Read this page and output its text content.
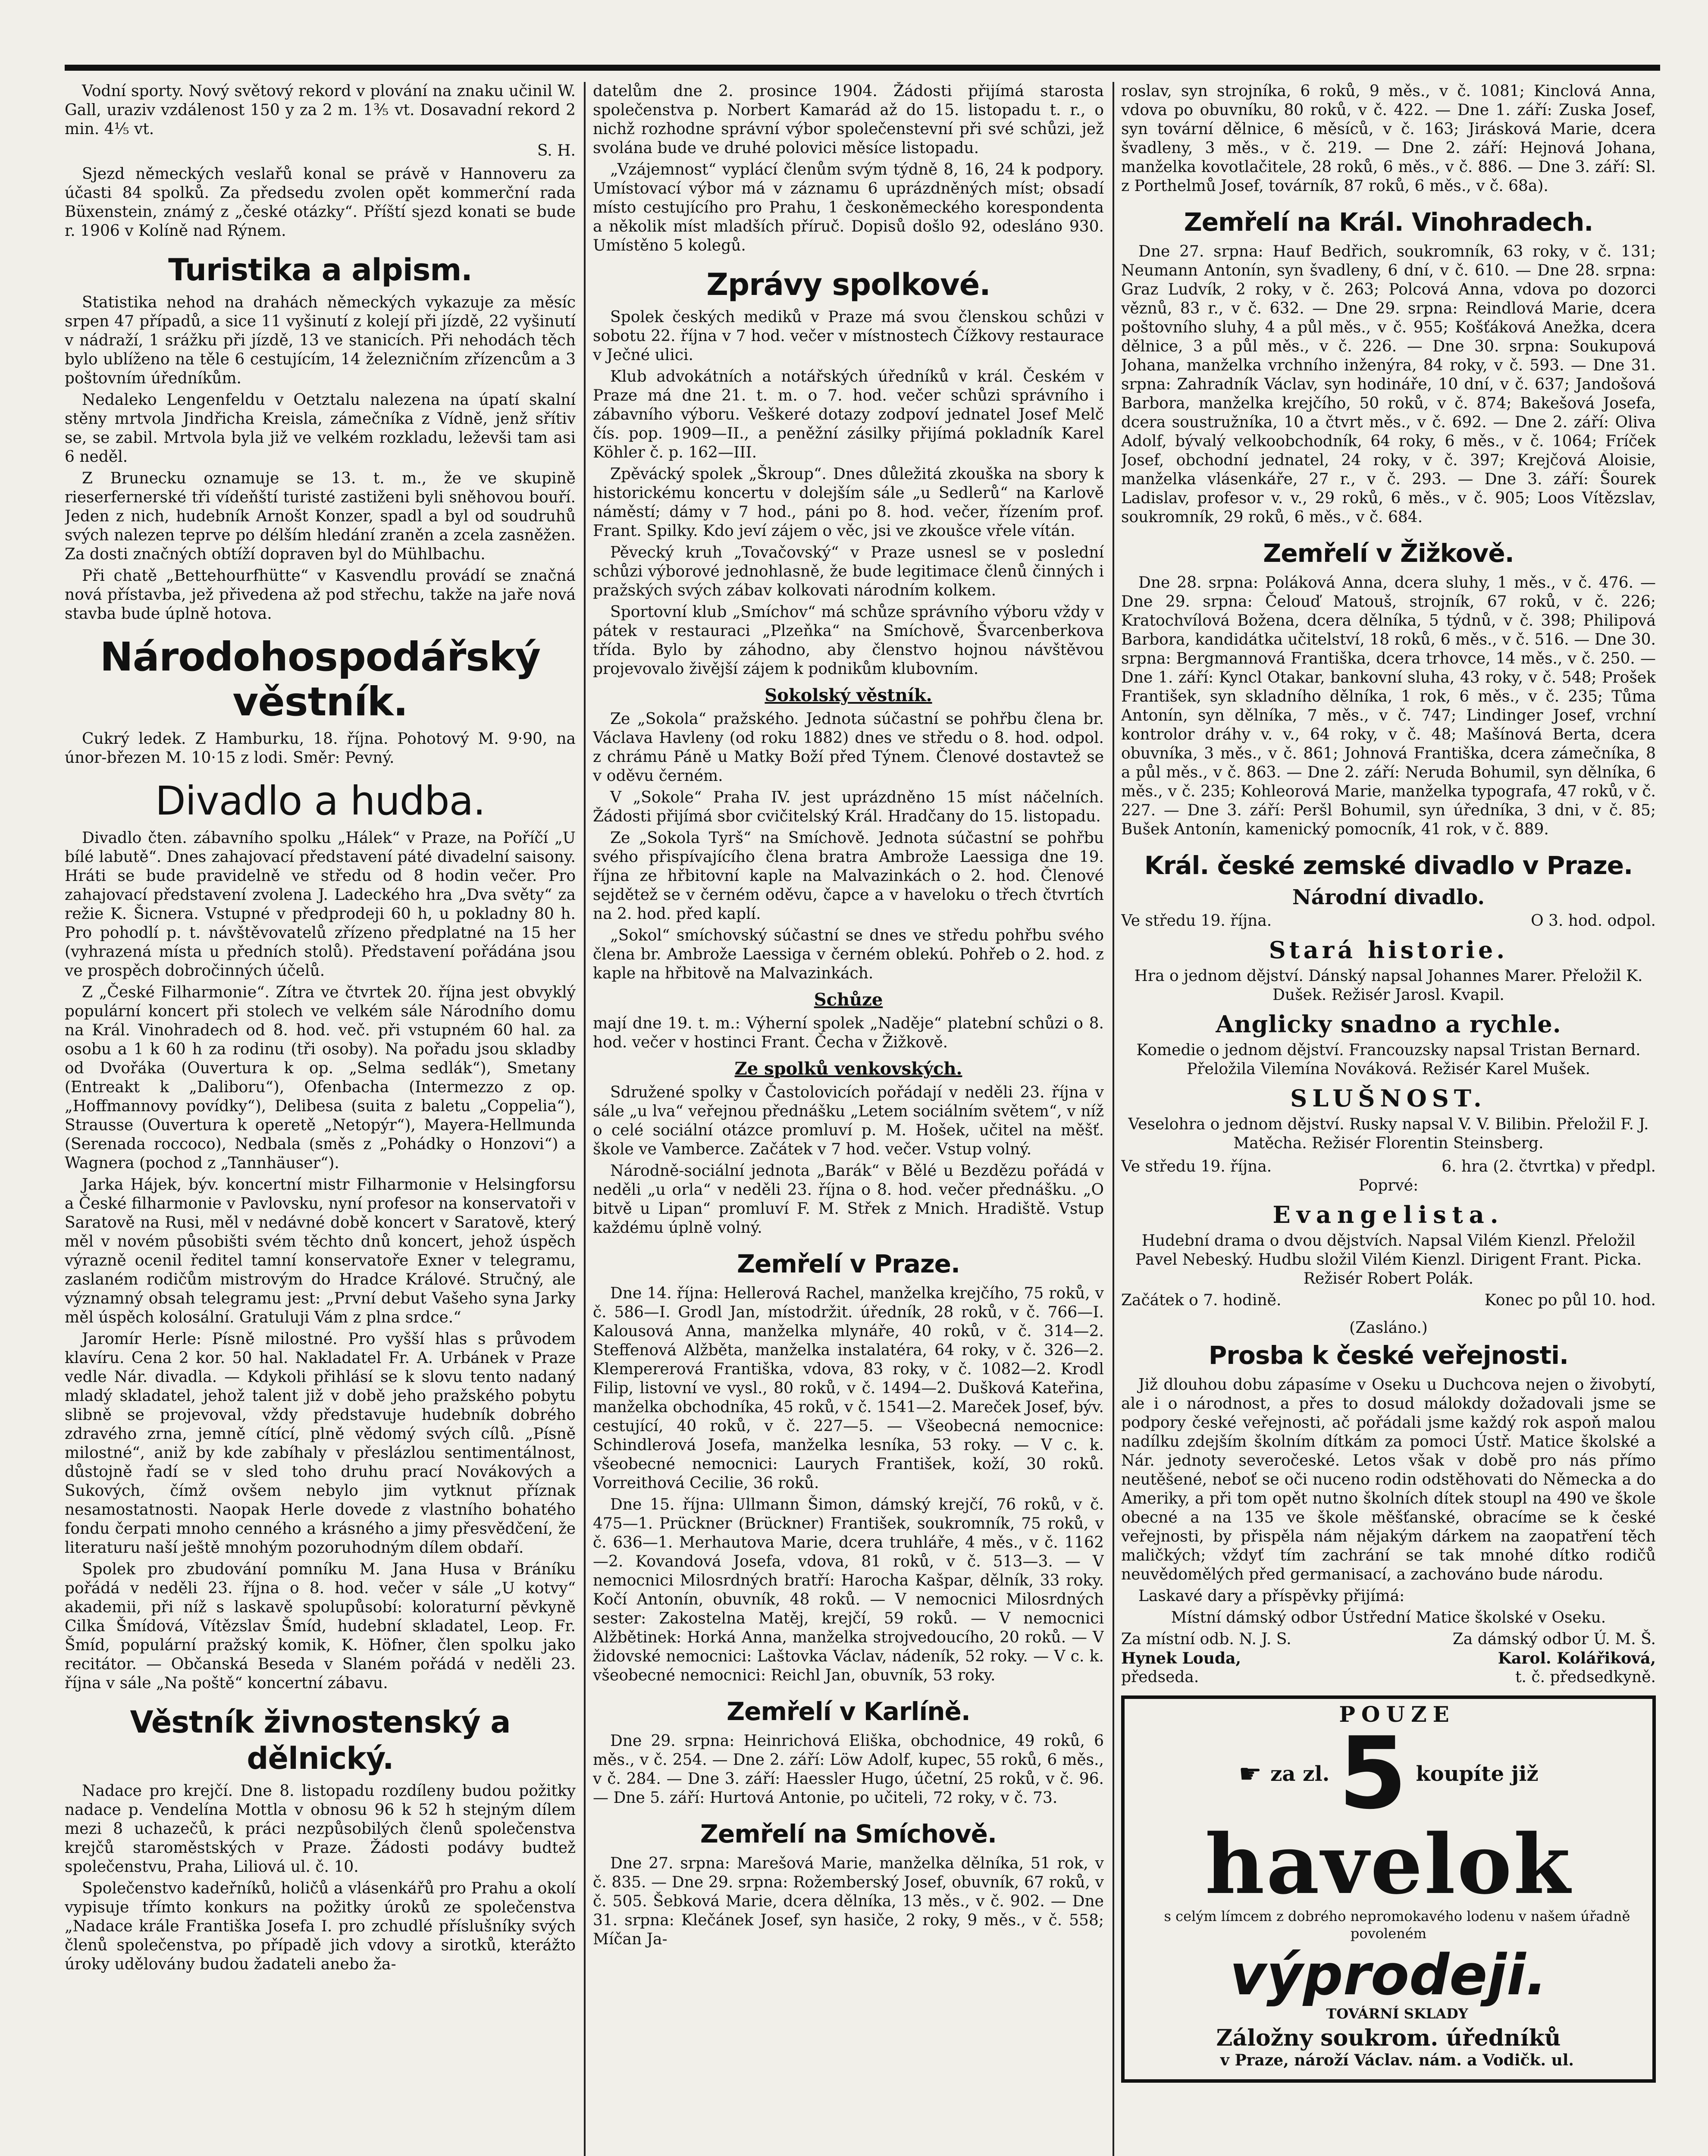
Vodní sporty. Nový světový rekord v plování na znaku učinil W. Gall, uraziv vzdálenost 150 y za 2 m. 1⅗ vt. Dosavadní rekord 2 min. 4⅕ vt.

S. H.

Sjezd německých veslařů konal se právě v Hannoveru za účasti 84 spolků. Za předsedu zvolen opět kommerční rada Büxenstein, známý z „české otázky“. Příští sjezd konati se bude r. 1906 v Kolíně nad Rýnem.

Turistika a alpism.

Statistika nehod na drahách německých vykazuje za měsíc srpen 47 případů, a sice 11 vyšinutí z kolejí při jízdě, 22 vyšinutí v nádraží, 1 srážku při jízdě, 13 ve stanicích. Při nehodách těch bylo ublíženo na těle 6 cestujícím, 14 železničním zřízencům a 3 poštovním úředníkům.

Nedaleko Lengenfeldu v Oetztalu nalezena na úpatí skalní stěny mrtvola Jindřicha Kreisla, zámečníka z Vídně, jenž sřítiv se, se zabil. Mrtvola byla již ve velkém rozkladu, leževši tam asi 6 neděl.

Z Brunecku oznamuje se 13. t. m., že ve skupině rieserfernerské tři vídeňští turisté zastiženi byli sněhovou bouří. Jeden z nich, hudebník Arnošt Konzer, spadl a byl od soudruhů svých nalezen teprve po délším hledání zraněn a zcela zasněžen. Za dosti značných obtíží dopraven byl do Mühlbachu.

Při chatě „Bettehourfhütte“ v Kasvendlu provádí se značná nová přístavba, jež přivedena až pod střechu, takže na jaře nová stavba bude úplně hotova.

Národohospodářský věstník.

Cukrý ledek. Z Hamburku, 18. října. Pohotový M. 9·90, na únor-březen M. 10·15 z lodi. Směr: Pevný.

Divadlo a hudba.

Divadlo čten. zábavního spolku „Hálek“ v Praze, na Poříčí „U bílé labutě“. Dnes zahajovací představení páté divadelní saisony. Hráti se bude pravidelně ve středu od 8 hodin večer. Pro zahajovací představení zvolena J. Ladeckého hra „Dva světy“ za režie K. Šicnera. Vstupné v předprodeji 60 h, u pokladny 80 h. Pro pohodlí p. t. návštěvovatelů zřízeno předplatné na 15 her (vyhrazená místa u předních stolů). Představení pořádána jsou ve prospěch dobročinných účelů.

Z „České Filharmonie“. Zítra ve čtvrtek 20. října jest obvyklý populární koncert při stolech ve velkém sále Národního domu na Král. Vinohradech od 8. hod. več. při vstupném 60 hal. za osobu a 1 k 60 h za rodinu (tři osoby). Na pořadu jsou skladby od Dvořáka (Ouvertura k op. „Selma sedlák“), Smetany (Entreakt k „Daliboru“), Ofenbacha (Intermezzo z op. „Hoffmannovy povídky“), Delibesa (suita z baletu „Coppelia“), Strausse (Ouvertura k operetě „Netopýr“), Mayera-Hellmunda (Serenada roccoco), Nedbala (směs z „Pohádky o Honzovi“) a Wagnera (pochod z „Tannhäuser“).

Jarka Hájek, býv. koncertní mistr Filharmonie v Helsingforsu a České filharmonie v Pavlovsku, nyní profesor na konservatoři v Saratově na Rusi, měl v nedávné době koncert v Saratově, který měl v novém působišti svém těchto dnů koncert, jehož úspěch výrazně ocenil ředitel tamní konservatoře Exner v telegramu, zaslaném rodičům mistrovým do Hradce Králové. Stručný, ale významný obsah telegramu jest: „První debut Vašeho syna Jarky měl úspěch kolosální. Gratuluji Vám z plna srdce.“

Jaromír Herle: Písně milostné. Pro vyšší hlas s průvodem klavíru. Cena 2 kor. 50 hal. Nakladatel Fr. A. Urbánek v Praze vedle Nár. divadla. — Kdykoli přihlásí se k slovu tento nadaný mladý skladatel, jehož talent již v době jeho pražského pobytu slibně se projevoval, vždy představuje hudebník dobrého zdravého zrna, jemně cítící, plně vědomý svých cílů. „Písně milostné“, aniž by kde zabíhaly v přeslázlou sentimentálnost, důstojně řadí se v sled toho druhu prací Novákových a Sukových, čímž ovšem nebylo jim vytknut příznak nesamostatnosti. Naopak Herle dovede z vlastního bohatého fondu čerpati mnoho cenného a krásného a jimy přesvědčení, že literaturu naší ještě mnohým pozoruhodným dílem obdaří.

Spolek pro zbudování pomníku M. Jana Husa v Bráníku pořádá v neděli 23. října o 8. hod. večer v sále „U kotvy“ akademii, při níž s laskavě spolupůsobí: koloraturní pěvkyně Cilka Šmídová, Vítězslav Šmíd, hudební skladatel, Leop. Fr. Šmíd, populární pražský komik, K. Höfner, člen spolku jako recitátor. — Občanská Beseda v Slaném pořádá v neděli 23. října v sále „Na poště“ koncertní zábavu.

Věstník živnostenský a dělnický.

Nadace pro krejčí. Dne 8. listopadu rozdíleny budou požitky nadace p. Vendelína Mottla v obnosu 96 k 52 h stejným dílem mezi 8 uchazečů, k práci nezpůsobilých členů společenstva krejčů staroměstských v Praze. Žádosti podávy budtež společenstvu, Praha, Liliová ul. č. 10.

Společenstvo kadeřníků, holičů a vlásenkářů pro Prahu a okolí vypisuje třímto konkurs na požitky úroků ze společenstva „Nadace krále Františka Josefa I. pro zchudlé příslušníky svých členů společenstva, po případě jich vdovy a sirotků, kterážto úroky udělovány budou žadateli anebo ža-

datelům dne 2. prosince 1904. Žádosti přijímá starosta společenstva p. Norbert Kamarád až do 15. listopadu t. r., o nichž rozhodne správní výbor společenstevní při své schůzi, jež svolána bude ve druhé polovici měsíce listopadu.

„Vzájemnost“ vyplácí členům svým týdně 8, 16, 24 k podpory. Umístovací výbor má v záznamu 6 uprázdněných míst; obsadí místo cestujícího pro Prahu, 1 českoněmeckého korespondenta a několik míst mladších příruč. Dopisů došlo 92, odesláno 930. Umístěno 5 kolegů.

Zprávy spolkové.

Spolek českých mediků v Praze má svou členskou schůzi v sobotu 22. října v 7 hod. večer v místnostech Čížkovy restaurace v Ječné ulici.

Klub advokátních a notářských úředníků v král. Českém v Praze má dne 21. t. m. o 7. hod. večer schůzi správního i zábavního výboru. Veškeré dotazy zodpoví jednatel Josef Melč čís. pop. 1909—II., a peněžní zásilky přijímá pokladník Karel Köhler č. p. 162—III.

Zpěvácký spolek „Škroup“. Dnes důležitá zkouška na sbory k historickému koncertu v dolejším sále „u Sedlerů“ na Karlově náměstí; dámy v 7 hod., páni po 8. hod. večer, řízením prof. Frant. Spilky. Kdo jeví zájem o věc, jsi ve zkoušce vřele vítán.

Pěvecký kruh „Tovačovský“ v Praze usnesl se v poslední schůzi výborové jednohlasně, že bude legitimace členů činných i pražských svých zábav kolkovati národním kolkem.

Sportovní klub „Smíchov“ má schůze správního výboru vždy v pátek v restauraci „Plzeňka“ na Smíchově, Švarcenberkova třída. Bylo by záhodno, aby členstvo hojnou návštěvou projevovalo živější zájem k podnikům klubovním.

Sokolský věstník.

Ze „Sokola“ pražského. Jednota súčastní se pohřbu člena br. Václava Havleny (od roku 1882) dnes ve středu o 8. hod. odpol. z chrámu Páně u Matky Boží před Týnem. Členové dostavtež se v oděvu černém.

V „Sokole“ Praha IV. jest uprázdněno 15 míst náčelních. Žádosti přijímá sbor cvičitelský Král. Hradčany do 15. listopadu.

Ze „Sokola Tyrš“ na Smíchově. Jednota súčastní se pohřbu svého přispívajícího člena bratra Ambrože Laessiga dne 19. října ze hřbitovní kaple na Malvazinkách o 2. hod. Členové sejdětež se v černém oděvu, čapce a v haveloku o třech čtvrtích na 2. hod. před kaplí.

„Sokol“ smíchovský súčastní se dnes ve středu pohřbu svého člena br. Ambrože Laessiga v černém oblekú. Pohřeb o 2. hod. z kaple na hřbitově na Malvazinkách.

Schůze

mají dne 19. t. m.: Výherní spolek „Naděje“ platební schůzi o 8. hod. večer v hostinci Frant. Čecha v Žižkově.

Ze spolků venkovských.

Sdružené spolky v Častolovicích pořádají v neděli 23. října v sále „u lva“ veřejnou přednášku „Letem sociálním světem“, v níž o celé sociální otázce promluví p. M. Hošek, učitel na měšť. škole ve Vamberce. Začátek v 7 hod. večer. Vstup volný.

Národně-sociální jednota „Barák“ v Bělé u Bezdězu pořádá v neděli „u orla“ v neděli 23. října o 8. hod. večer přednášku. „O bitvě u Lipan“ promluví F. M. Střek z Mnich. Hradiště. Vstup každému úplně volný.

Zemřelí v Praze.

Dne 14. října: Hellerová Rachel, manželka krejčího, 75 roků, v č. 586—I. Grodl Jan, místodržit. úředník, 28 roků, v č. 766—I. Kalousová Anna, manželka mlynáře, 40 roků, v č. 314—2. Steffenová Alžběta, manželka instalatéra, 64 roky, v č. 326—2. Klempererová Františka, vdova, 83 roky, v č. 1082—2. Krodl Filip, listovní ve vysl., 80 roků, v č. 1494—2. Dušková Kateřina, manželka obchodníka, 45 roků, v č. 1541—2. Mareček Josef, býv. cestující, 40 roků, v č. 227—5. — Všeobecná nemocnice: Schindlerová Josefa, manželka lesníka, 53 roky. — V c. k. všeobecné nemocnici: Laurych František, koží, 30 roků. Vorreithová Cecilie, 36 roků.

Dne 15. října: Ullmann Šimon, dámský krejčí, 76 roků, v č. 475—1. Prückner (Brückner) František, soukromník, 75 roků, v č. 636—1. Merhautova Marie, dcera truhláře, 4 měs., v č. 1162—2. Kovandová Josefa, vdova, 81 roků, v č. 513—3. — V nemocnici Milosrdných bratří: Harocha Kašpar, dělník, 33 roky. Kočí Antonín, obuvník, 48 roků. — V nemocnici Milosrdných sester: Zakostelna Matěj, krejčí, 59 roků. — V nemocnici Alžbětinek: Horká Anna, manželka strojvedoucího, 20 roků. — V židovské nemocnici: Laštovka Václav, nádeník, 52 roky. — V c. k. všeobecné nemocnici: Reichl Jan, obuvník, 53 roky.

Zemřelí v Karlíně.

Dne 29. srpna: Heinrichová Eliška, obchodnice, 49 roků, 6 měs., v č. 254. — Dne 2. září: Löw Adolf, kupec, 55 roků, 6 měs., v č. 284. — Dne 3. září: Haessler Hugo, účetní, 25 roků, v č. 96. — Dne 5. září: Hurtová Antonie, po učiteli, 72 roky, v č. 73.

Zemřelí na Smíchově.

Dne 27. srpna: Marešová Marie, manželka dělníka, 51 rok, v č. 835. — Dne 29. srpna: Rožemberský Josef, obuvník, 67 roků, v č. 505. Šebková Marie, dcera dělníka, 13 měs., v č. 902. — Dne 31. srpna: Klečánek Josef, syn hasiče, 2 roky, 9 měs., v č. 558; Míčan Ja-

roslav, syn strojníka, 6 roků, 9 měs., v č. 1081; Kinclová Anna, vdova po obuvníku, 80 roků, v č. 422. — Dne 1. září: Zuska Josef, syn tovární dělnice, 6 měsíců, v č. 163; Jirásková Marie, dcera švadleny, 3 měs., v č. 219. — Dne 2. září: Hejnová Johana, manželka kovotlačitele, 28 roků, 6 měs., v č. 886. — Dne 3. září: Sl. z Porthelmů Josef, továrník, 87 roků, 6 měs., v č. 68a).

Zemřelí na Král. Vinohradech.

Dne 27. srpna: Hauf Bedřich, soukromník, 63 roky, v č. 131; Neumann Antonín, syn švadleny, 6 dní, v č. 610. — Dne 28. srpna: Graz Ludvík, 2 roky, v č. 263; Polcová Anna, vdova po dozorci věznů, 83 r., v č. 632. — Dne 29. srpna: Reindlová Marie, dcera poštovního sluhy, 4 a půl měs., v č. 955; Košťáková Anežka, dcera dělnice, 3 a půl měs., v č. 226. — Dne 30. srpna: Soukupová Johana, manželka vrchního inženýra, 84 roky, v č. 593. — Dne 31. srpna: Zahradník Václav, syn hodináře, 10 dní, v č. 637; Jandošová Barbora, manželka krejčího, 50 roků, v č. 874; Bakešová Josefa, dcera soustružníka, 10 a čtvrt měs., v č. 692. — Dne 2. září: Oliva Adolf, bývalý velkoobchodník, 64 roky, 6 měs., v č. 1064; Fríček Josef, obchodní jednatel, 24 roky, v č. 397; Krejčová Aloisie, manželka vlásenkáře, 27 r., v č. 293. — Dne 3. září: Šourek Ladislav, profesor v. v., 29 roků, 6 měs., v č. 905; Loos Vítězslav, soukromník, 29 roků, 6 měs., v č. 684.

Zemřelí v Žižkově.

Dne 28. srpna: Poláková Anna, dcera sluhy, 1 měs., v č. 476. — Dne 29. srpna: Čelouď Matouš, strojník, 67 roků, v č. 226; Kratochvílová Božena, dcera dělníka, 5 týdnů, v č. 398; Philipová Barbora, kandidátka učitelství, 18 roků, 6 měs., v č. 516. — Dne 30. srpna: Bergmannová Františka, dcera trhovce, 14 měs., v č. 250. — Dne 1. září: Kyncl Otakar, bankovní sluha, 43 roky, v č. 548; Prošek František, syn skladního dělníka, 1 rok, 6 měs., v č. 235; Tůma Antonín, syn dělníka, 7 měs., v č. 747; Lindinger Josef, vrchní kontrolor dráhy v. v., 64 roky, v č. 48; Mašínová Berta, dcera obuvníka, 3 měs., v č. 861; Johnová Františka, dcera zámečníka, 8 a půl měs., v č. 863. — Dne 2. září: Neruda Bohumil, syn dělníka, 6 měs., v č. 235; Kohleorová Marie, manželka typografa, 47 roků, v č. 227. — Dne 3. září: Peršl Bohumil, syn úředníka, 3 dni, v č. 85; Bušek Antonín, kamenický pomocník, 41 rok, v č. 889.

Král. české zemské divadlo v Praze.
Národní divadlo.
Ve středu 19. října.	O 3. hod. odpol.
Stará historie.

Hra o jednom dějství. Dánský napsal Johannes Marer. Přeložil K. Dušek. Režisér Jarosl. Kvapil.

Anglicky snadno a rychle.

Komedie o jednom dějství. Francouzsky napsal Tristan Bernard. Přeložila Vilemína Nováková. Režisér Karel Mušek.

SLUŠNOST.

Veselohra o jednom dějství. Rusky napsal V. V. Bilibin. Přeložil F. J. Matěcha. Režisér Florentin Steinsberg.

Ve středu 19. října.	6. hra (2. čtvrtka) v předpl.

Poprvé:

Evangelista.

Hudební drama o dvou dějstvích. Napsal Vilém Kienzl. Přeložil Pavel Nebeský. Hudbu složil Vilém Kienzl. Dirigent Frant. Picka. Režisér Robert Polák.

Začátek o 7. hodině.	Konec po půl 10. hod.

(Zasláno.)

Prosba k české veřejnosti.

Již dlouhou dobu zápasíme v Oseku u Duchcova nejen o živobytí, ale i o národnost, a přes to dosud málokdy dožadovali jsme se podpory české veřejnosti, ač pořádali jsme každý rok aspoň malou nadílku zdejším školním dítkám za pomoci Ústř. Matice školské a Nár. jednoty severočeské. Letos však v době pro nás přímo neutěšené, neboť se oči nuceno rodin odstěhovati do Německa a do Ameriky, a při tom opět nutno školních dítek stoupl na 490 ve škole obecné a na 135 ve škole měšťanské, obracíme se k české veřejnosti, by přispěla nám nějakým dárkem na zaopatření těch maličkých; vždyť tím zachrání se tak mnohé dítko rodičů neuvědomělých před germanisací, a zachováno bude národu.

Laskavé dary a příspěvky přijímá:

Místní dámský odbor Ústřední Matice školské v Oseku.

Za místní odb. N. J. S.	Za dámský odbor Ú. M. Š.
Hynek Louda,	Karol. Kolářiková,
předseda.	t. č. předsedkyně.

POUZE

☛ za zl. 5 koupíte již
havelok

s celým límcem z dobrého nepromokavého lodenu v našem úřadně povoleném

výprodeji.

TOVÁRNÍ SKLADY

Záložny soukrom. úředníků

v Praze, nároží Václav. nám. a Vodičk. ul.
